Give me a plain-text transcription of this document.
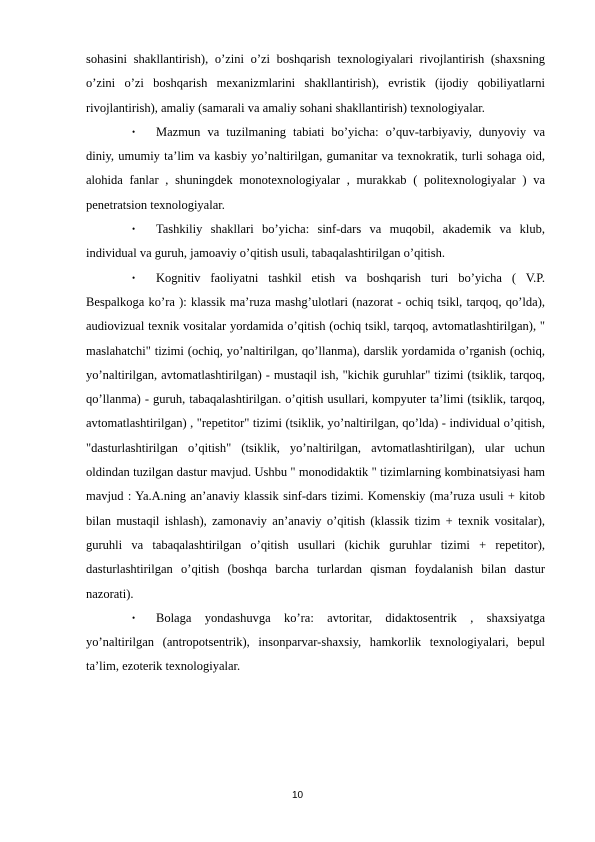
sohasini shakllantirish), o’zini o’zi boshqarish texnologiyalari rivojlantirish (shaxsning o’zini o’zi boshqarish mexanizmlarini shakllantirish), evristik (ijodiy qobiliyatlarni rivojlantirish), amaliy (samarali va amaliy sohani shakllantirish) texnologiyalar.

• Mazmun va tuzilmaning tabiati bo’yicha: o’quv-tarbiyaviy, dunyoviy va diniy, umumiy ta’lim va kasbiy yo’naltirilgan, gumanitar va texnokratik, turli sohaga oid, alohida fanlar , shuningdek monotexnologiyalar , murakkab ( politexnologiyalar ) va penetratsion texnologiyalar.

• Tashkiliy shakllari bo’yicha: sinf-dars va muqobil, akademik va klub, individual va guruh, jamoaviy o’qitish usuli, tabaqalashtirilgan o’qitish.

• Kognitiv faoliyatni tashkil etish va boshqarish turi bo’yicha ( V.P. Bespalkoga ko’ra ): klassik ma’ruza mashg’ulotlari (nazorat - ochiq tsikl, tarqoq, qo’lda), audiovizual texnik vositalar yordamida o’qitish (ochiq tsikl, tarqoq, avtomatlashtirilgan), " maslahatchi" tizimi (ochiq, yo’naltirilgan, qo’llanma), darslik yordamida o’rganish (ochiq, yo’naltirilgan, avtomatlashtirilgan) - mustaqil ish, "kichik guruhlar" tizimi (tsiklik, tarqoq, qo’llanma) - guruh, tabaqalashtirilgan. o’qitish usullari, kompyuter ta’limi (tsiklik, tarqoq, avtomatlashtirilgan) , "repetitor" tizimi (tsiklik, yo’naltirilgan, qo’lda) - individual o’qitish, "dasturlashtirilgan o’qitish" (tsiklik, yo’naltirilgan, avtomatlashtirilgan), ular uchun oldindan tuzilgan dastur mavjud. Ushbu " monodidaktik " tizimlarning kombinatsiyasi ham mavjud : Ya.A.ning an’anaviy klassik sinf-dars tizimi. Komenskiy (ma’ruza usuli + kitob bilan mustaqil ishlash), zamonaviy an’anaviy o’qitish (klassik tizim + texnik vositalar), guruhli va tabaqalashtirilgan o’qitish usullari (kichik guruhlar tizimi + repetitor), dasturlashtirilgan o’qitish (boshqa barcha turlardan qisman foydalanish bilan dastur nazorati).

• Bolaga yondashuvga ko’ra: avtoritar, didaktosentrik , shaxsiyatga yo’naltirilgan (antropotsentrik), insonparvar-shaxsiy, hamkorlik texnologiyalari, bepul ta’lim, ezoterik texnologiyalar.

10
